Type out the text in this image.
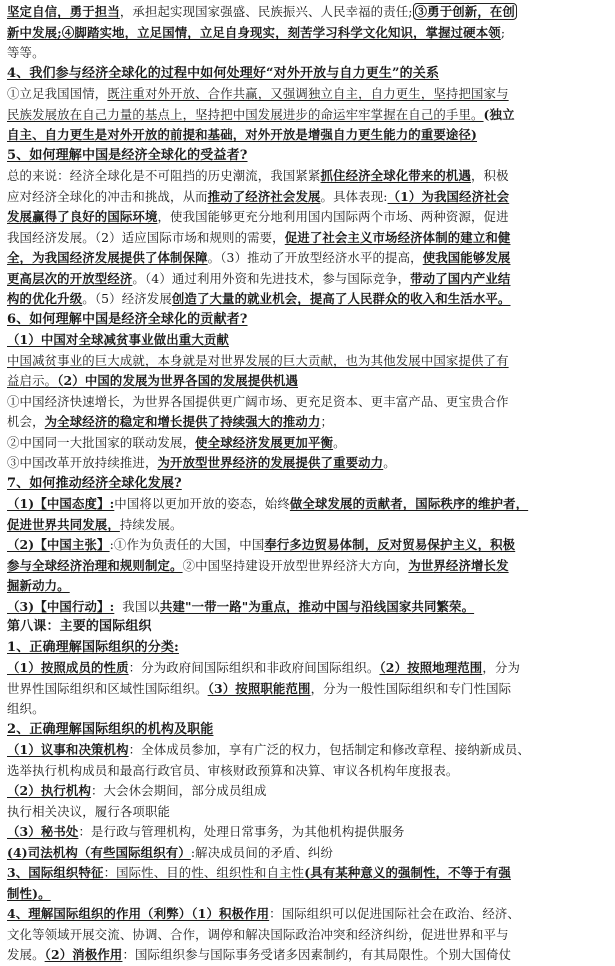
坚定自信，勇于担当，承担起实现国家强盛、民族振兴、人民幸福的责任; ③勇于创新，在创

新中发展;④脚踏实地，立足国情，立足自身现实，刻苦学习科学文化知识，掌握过硬本领;

等等。

4、我们参与经济全球化的过程中如何处理好“对外开放与自力更生”的关系

①立足我国国情，既注重对外开放、合作共赢，又强调独立自主，自力更生，坚持把国家与

民族发展放在自己力量的基点上，坚持把中国发展进步的命运牢牢掌握在自己的手里。(独立

自主、自力更生是对外开放的前提和基础，对外开放是增强自力更生能力的重要途径)

5、如何理解中国是经济全球化的受益者?

总的来说：经济全球化是不可阻挡的历史潮流，我国紧紧抓住经济全球化带来的机遇，积极

应对经济全球化的冲击和挑战，从而推动了经济社会发展。具体表现:（1）为我国经济社会

发展赢得了良好的国际环境，使我国能够更充分地利用国内国际两个市场、两种资源，促进

我国经济发展。（2）适应国际市场和规则的需要，促进了社会主义市场经济体制的建立和健

全，为我国经济发展提供了体制保障。（3）推动了开放型经济水平的提高，使我国能够发展

更高层次的开放型经济。（4）通过利用外资和先进技术，参与国际竞争，带动了国内产业结

构的优化升级。（5）经济发展创造了大量的就业机会，提高了人民群众的收入和生活水平。

6、如何理解中国是经济全球化的贡献者?

（1）中国对全球减贫事业做出重大贡献

中国减贫事业的巨大成就，本身就是对世界发展的巨大贡献，也为其他发展中国家提供了有

益启示。（2）中国的发展为世界各国的发展提供机遇

①中国经济快速增长，为世界各国提供更广阔市场、更充足资本、更丰富产品、更宝贵合作

机会，为全球经济的稳定和增长提供了持续强大的推动力；

②中国同一大批国家的联动发展，使全球经济发展更加平衡。

③中国改革开放持续推进，为开放型世界经济的发展提供了重要动力。

7、如何推动经济全球化发展?

（1)【中国态度】:中国将以更加开放的姿态，始终做全球发展的贡献者，国际秩序的维护者，

促进世界共同发展，持续发展。

（2)【中国主张】:①作为负责任的大国，中国奉行多边贸易体制，反对贸易保护主义，积极

参与全球经济治理和规则制定。②中国坚持建设开放型世界经济大方向，为世界经济增长发

掘新动力。

（3)【中国行动】: 我国以共建"一带一路"为重点，推动中国与沿线国家共同繁荣。

第八课：主要的国际组织

1、正确理解国际组织的分类:

（1）按照成员的性质：分为政府间国际组织和非政府间国际组织。（2）按照地理范围，分为

世界性国际组织和区域性国际组织。（3）按照职能范围，分为一般性国际组织和专门性国际

组织。

2、正确理解国际组织的机构及职能

（1）议事和决策机构：全体成员参加，享有广泛的权力，包括制定和修改章程、接纳新成员、

选举执行机构成员和最高行政官员、审核财政预算和决算、审议各机构年度报表。

（2）执行机构：大会休会期间，部分成员组成

执行相关决议，履行各项职能

（3）秘书处：是行政与管理机构，处理日常事务，为其他机构提供服务

(4)司法机构（有些国际组织有）:解决成员间的矛盾、纠纷

3、国际组织特征：国际性、目的性、组织性和自主性(具有某种意义的强制性，不等于有强

制性)。

4、理解国际组织的作用（利弊）（1）积极作用：国际组织可以促进国际社会在政治、经济、

文化等领域开展交流、协调、合作，调停和解决国际政治冲突和经济纠纷，促进世界和平与

发展。（2）消极作用：国际组织参与国际事务受诸多因素制约，有其局限性。个别大国倚仗
